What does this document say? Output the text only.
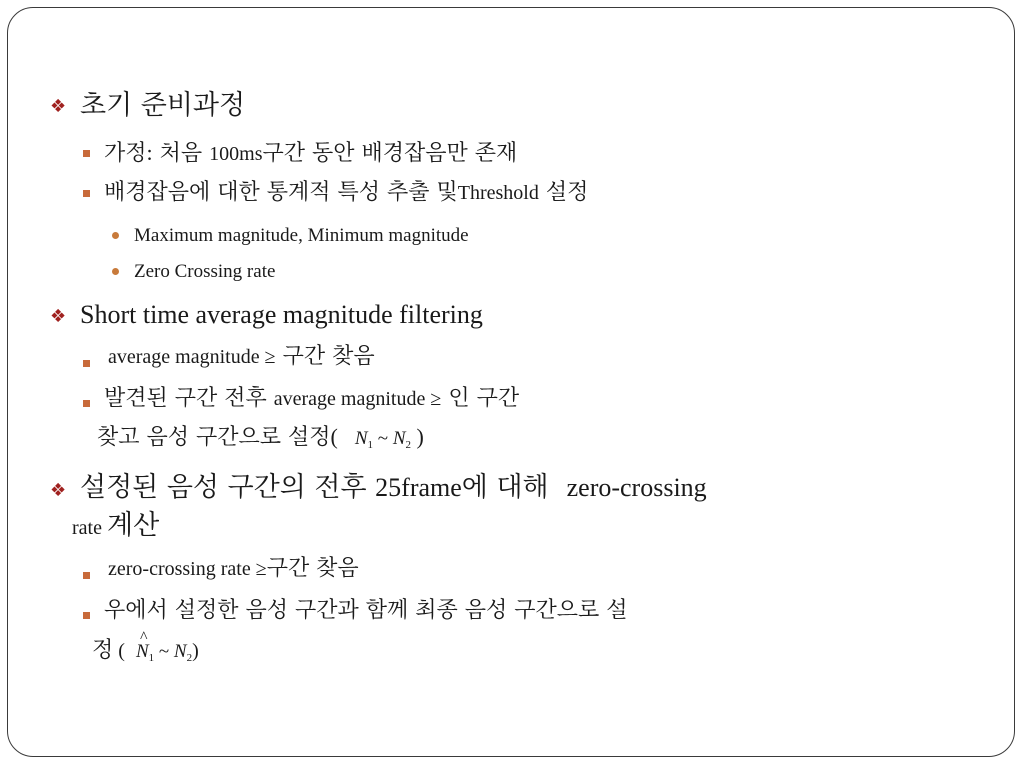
❖ 초기 준비과정
가정: 처음 100ms구간 동안 배경잡음만 존재
배경잡음에 대한 통계적 특성 추출 및Threshold 설정
Maximum magnitude, Minimum magnitude
Zero Crossing rate
❖ Short time average magnitude filtering
average magnitude ≥ 구간 찾음
발견된 구간 전후 average magnitude ≥ 인 구간
찾고 음성 구간으로 설정( $N_1$ ~ $N_2$ )
❖ 설정된 음성 구간의 전후 25frame에 대해 zero-crossing
rate 계산
zero-crossing rate ≥구간 찾음
우에서 설정한 음성 구간과 함께 최종 음성 구간으로 설
정 ( ^ $N_1$ ~ $N_2$)
